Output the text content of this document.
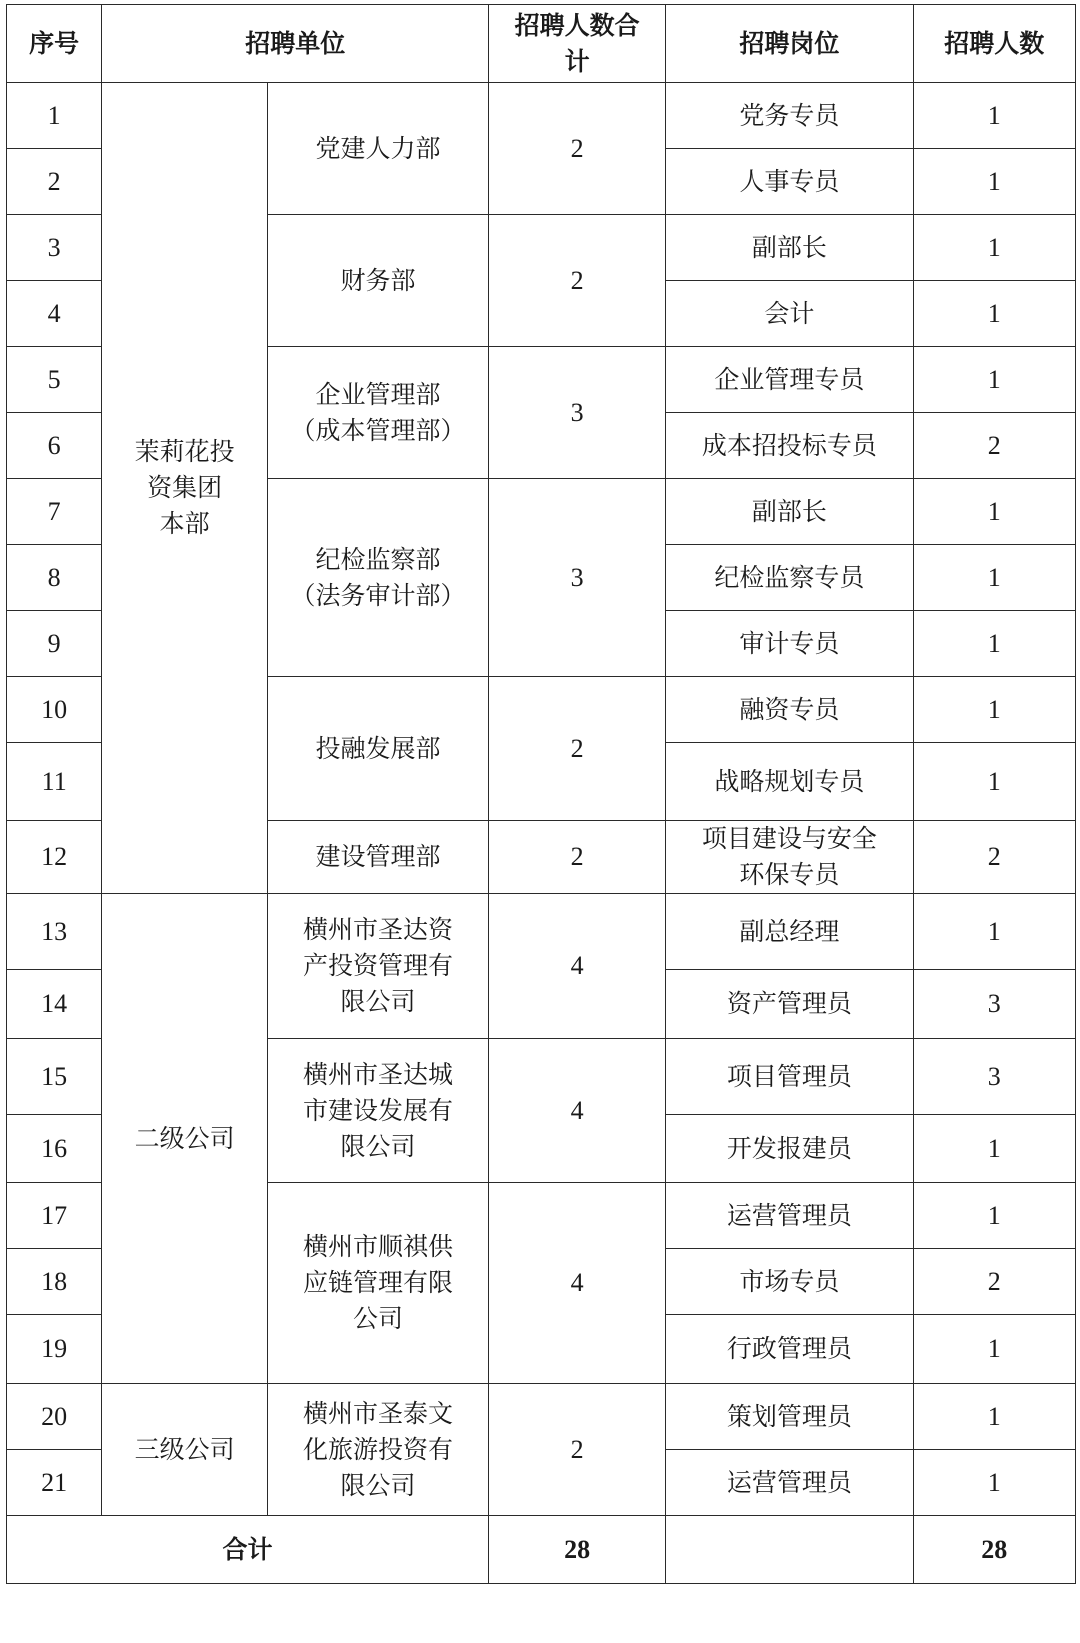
序号	招聘单位		招聘人数合
计	招聘岗位	招聘人数
1	茉莉花投
资集团
本部	党建人力部	2	党务专员	1
2				人事专员	1
3		财务部	2	副部长	1
4				会计	1
5		企业管理部
（成本管理部）	3	企业管理专员	1
6				成本招投标专员	2
7		纪检监察部
（法务审计部）	3	副部长	1
8				纪检监察专员	1
9				审计专员	1
10		投融发展部	2	融资专员	1
11				战略规划专员	1
12		建设管理部	2	项目建设与安全
环保专员	2
13	二级公司	横州市圣达资
产投资管理有
限公司	4	副总经理	1
14				资产管理员	3
15		横州市圣达城
市建设发展有
限公司	4	项目管理员	3
16				开发报建员	1
17		横州市顺祺供
应链管理有限
公司	4	运营管理员	1
18				市场专员	2
19				行政管理员	1
20	三级公司	横州市圣泰文
化旅游投资有
限公司	2	策划管理员	1
21				运营管理员	1
合计			28		28
